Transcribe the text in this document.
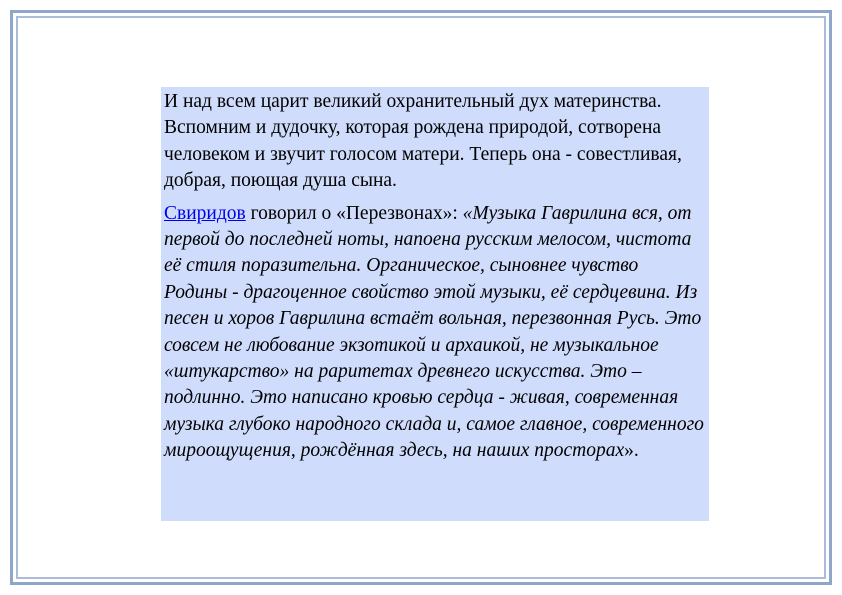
И над всем царит великий охранительный дух материнства. Вспомним и дудочку, которая рождена природой, сотворена человеком и звучит голосом матери. Теперь она - совестливая, добрая, поющая душа сына.

Свиридов говорил о «Перезвонах»: «Музыка Гаврилина вся, от первой до последней ноты, напоена русским мелосом, чистота её стиля поразительна. Органическое, сыновнее чувство Родины - драгоценное свойство этой музыки, её сердцевина. Из песен и хоров Гаврилина встаёт вольная, перезвонная Русь. Это совсем не любование экзотикой и архаикой, не музыкальное «штукарство» на раритетах древнего искусства. Это – подлинно. Это написано кровью сердца - живая, современная музыка глубоко народного склада и, самое главное, современного мироощущения, рождённая здесь, на наших просторах».
